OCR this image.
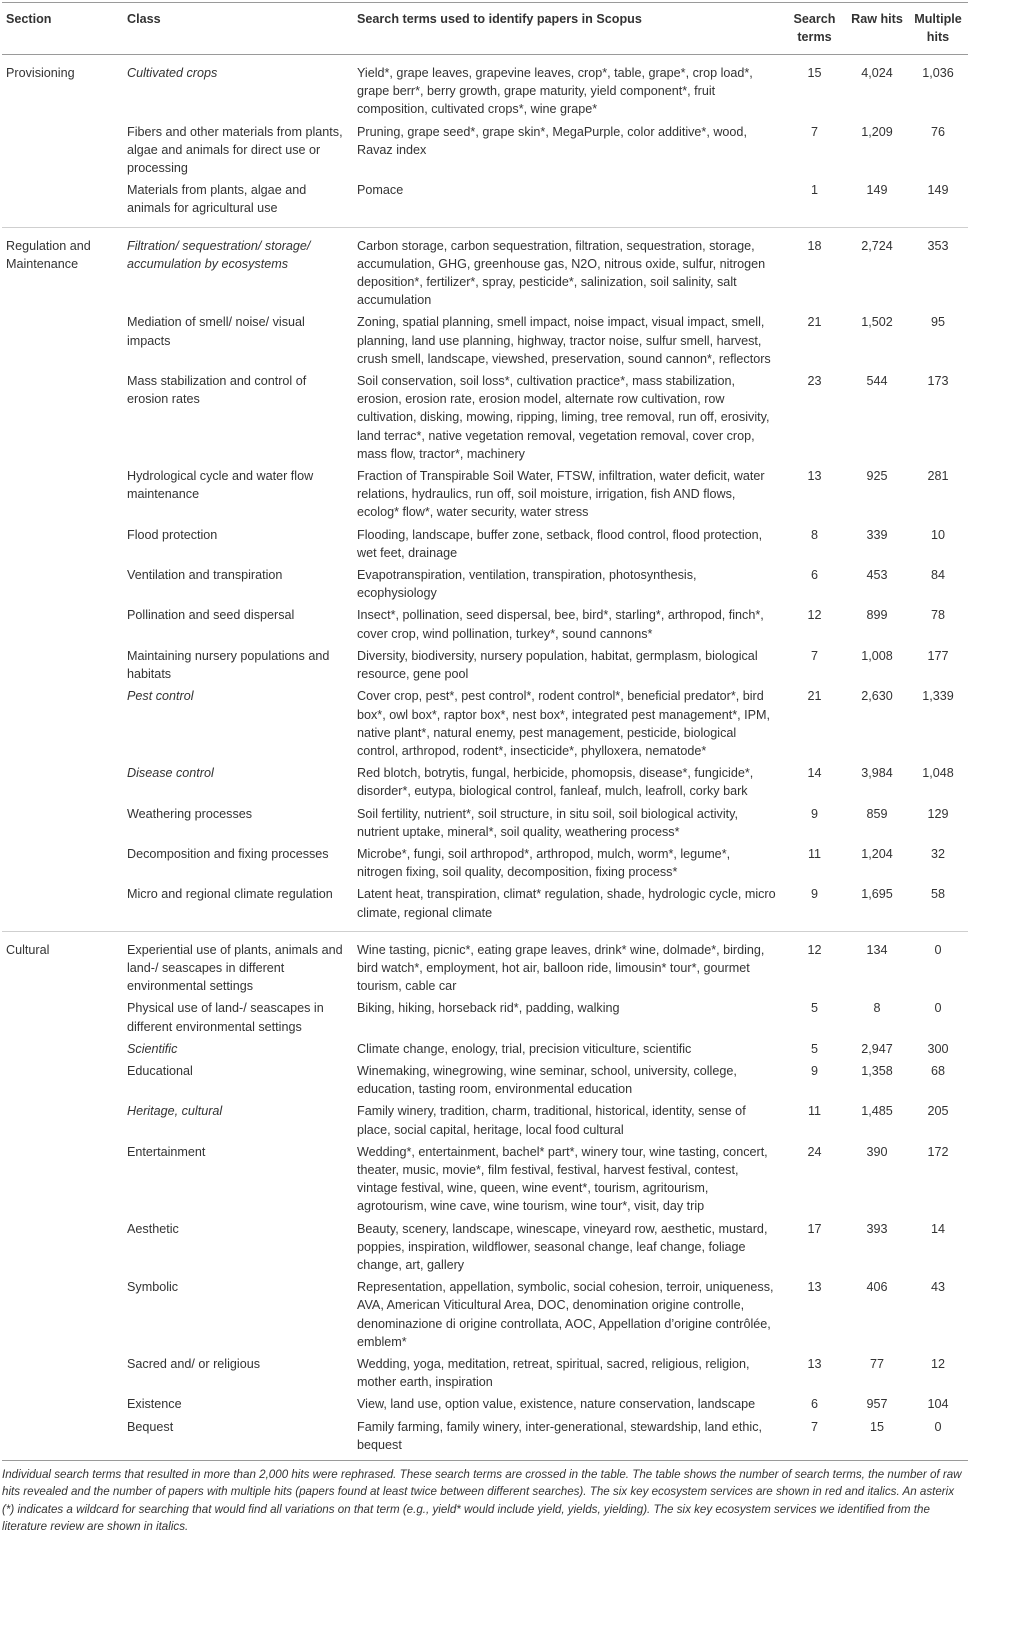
Section	Class	Search terms used to identify papers in Scopus	Search terms	Raw hits	Multiple hits
Provisioning	Cultivated crops	Yield*, grape leaves, grapevine leaves, crop*, table, grape*, crop load*, grape berr*, berry growth, grape maturity, yield component*, fruit composition, cultivated crops*, wine grape*	15	4,024	1,036
	Fibers and other materials from plants, algae and animals for direct use or processing	Pruning, grape seed*, grape skin*, MegaPurple, color additive*, wood, Ravaz index	7	1,209	76
	Materials from plants, algae and animals for agricultural use	Pomace	1	149	149
Regulation and Maintenance	Filtration/ sequestration/ storage/ accumulation by ecosystems	Carbon storage, carbon sequestration, filtration, sequestration, storage, accumulation, GHG, greenhouse gas, N2O, nitrous oxide, sulfur, nitrogen deposition*, fertilizer*, spray, pesticide*, salinization, soil salinity, salt accumulation	18	2,724	353
	Mediation of smell/ noise/ visual impacts	Zoning, spatial planning, smell impact, noise impact, visual impact, smell, planning, land use planning, highway, tractor noise, sulfur smell, harvest, crush smell, landscape, viewshed, preservation, sound cannon*, reflectors	21	1,502	95
	Mass stabilization and control of erosion rates	Soil conservation, soil loss*, cultivation practice*, mass stabilization, erosion, erosion rate, erosion model, alternate row cultivation, row cultivation, disking, mowing, ripping, liming, tree removal, run off, erosivity, land terrac*, native vegetation removal, vegetation removal, cover crop, mass flow, tractor*, machinery	23	544	173
	Hydrological cycle and water flow maintenance	Fraction of Transpirable Soil Water, FTSW, infiltration, water deficit, water relations, hydraulics, run off, soil moisture, irrigation, fish AND flows, ecolog* flow*, water security, water stress	13	925	281
	Flood protection	Flooding, landscape, buffer zone, setback, flood control, flood protection, wet feet, drainage	8	339	10
	Ventilation and transpiration	Evapotranspiration, ventilation, transpiration, photosynthesis, ecophysiology	6	453	84
	Pollination and seed dispersal	Insect*, pollination, seed dispersal, bee, bird*, starling*, arthropod, finch*, cover crop, wind pollination, turkey*, sound cannons*	12	899	78
	Maintaining nursery populations and habitats	Diversity, biodiversity, nursery population, habitat, germplasm, biological resource, gene pool	7	1,008	177
	Pest control	Cover crop, pest*, pest control*, rodent control*, beneficial predator*, bird box*, owl box*, raptor box*, nest box*, integrated pest management*, IPM, native plant*, natural enemy, pest management, pesticide, biological control, arthropod, rodent*, insecticide*, phylloxera, nematode*	21	2,630	1,339
	Disease control	Red blotch, botrytis, fungal, herbicide, phomopsis, disease*, fungicide*, disorder*, eutypa, biological control, fanleaf, mulch, leafroll, corky bark	14	3,984	1,048
	Weathering processes	Soil fertility, nutrient*, soil structure, in situ soil, soil biological activity, nutrient uptake, mineral*, soil quality, weathering process*	9	859	129
	Decomposition and fixing processes	Microbe*, fungi, soil arthropod*, arthropod, mulch, worm*, legume*, nitrogen fixing, soil quality, decomposition, fixing process*	11	1,204	32
	Micro and regional climate regulation	Latent heat, transpiration, climat* regulation, shade, hydrologic cycle, micro climate, regional climate	9	1,695	58
Cultural	Experiential use of plants, animals and land-/ seascapes in different environmental settings	Wine tasting, picnic*, eating grape leaves, drink* wine, dolmade*, birding, bird watch*, employment, hot air, balloon ride, limousin* tour*, gourmet tourism, cable car	12	134	0
	Physical use of land-/ seascapes in different environmental settings	Biking, hiking, horseback rid*, padding, walking	5	8	0
	Scientific	Climate change, enology, trial, precision viticulture, scientific	5	2,947	300
	Educational	Winemaking, winegrowing, wine seminar, school, university, college, education, tasting room, environmental education	9	1,358	68
	Heritage, cultural	Family winery, tradition, charm, traditional, historical, identity, sense of place, social capital, heritage, local food cultural	11	1,485	205
	Entertainment	Wedding*, entertainment, bachel* part*, winery tour, wine tasting, concert, theater, music, movie*, film festival, festival, harvest festival, contest, vintage festival, wine, queen, wine event*, tourism, agritourism, agrotourism, wine cave, wine tourism, wine tour*, visit, day trip	24	390	172
	Aesthetic	Beauty, scenery, landscape, winescape, vineyard row, aesthetic, mustard, poppies, inspiration, wildflower, seasonal change, leaf change, foliage change, art, gallery	17	393	14
	Symbolic	Representation, appellation, symbolic, social cohesion, terroir, uniqueness, AVA, American Viticultural Area, DOC, denomination origine controlle, denominazione di origine controllata, AOC, Appellation d’origine contrôlée, emblem*	13	406	43
	Sacred and/ or religious	Wedding, yoga, meditation, retreat, spiritual, sacred, religious, religion, mother earth, inspiration	13	77	12
	Existence	View, land use, option value, existence, nature conservation, landscape	6	957	104
	Bequest	Family farming, family winery, inter-generational, stewardship, land ethic, bequest	7	15	0
Individual search terms that resulted in more than 2,000 hits were rephrased. These search terms are crossed in the table. The table shows the number of search terms, the number of raw hits revealed and the number of papers with multiple hits (papers found at least twice between different searches). The six key ecosystem services are shown in red and italics. An asterix (*) indicates a wildcard for searching that would find all variations on that term (e.g., yield* would include yield, yields, yielding). The six key ecosystem services we identified from the literature review are shown in italics.
